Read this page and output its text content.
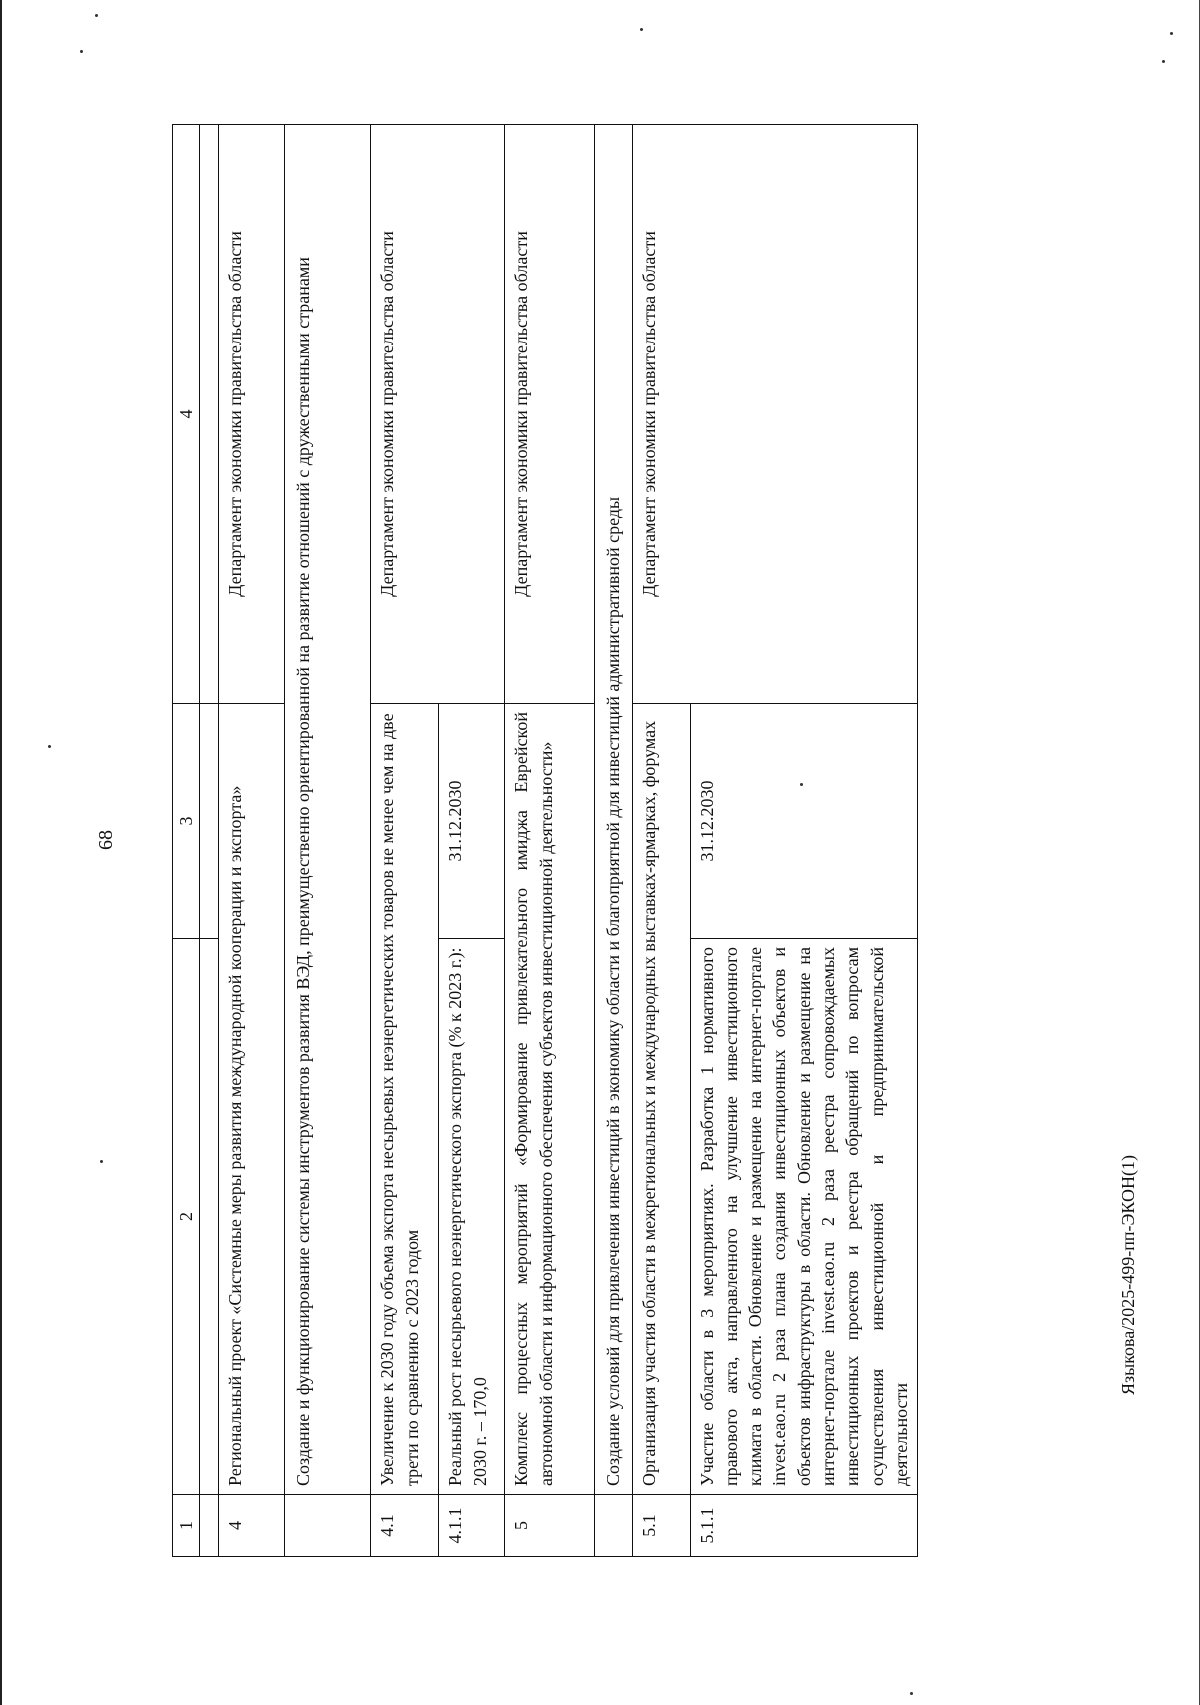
68
Языкова/2025-499-пп-ЭКОН(1)
1	2	3	4

4	Региональный проект «Системные меры развития международной кооперации и экспорта»		Департамент экономики правительства области
	Создание и функционирование системы инструментов развития ВЭД, преимущественно ориентированной на развитие отношений с дружественными странами		
4.1	Увеличение к 2030 году объема экспорта несырьевых неэнергетических товаров не менее чем на две трети по сравнению с 2023 годом		Департамент экономики правительства области
4.1.1	Реальный рост несырьевого неэнергетического экспорта (% к 2023 г.): 2030 г. – 170,0	31.12.2030	
5	Комплекс процессных мероприятий «Формирование привлекательного имиджа Еврейской автономной области и информационного обеспечения субъектов инвестиционной деятельности»		Департамент экономики правительства области
	Создание условий для привлечения инвестиций в экономику области и благоприятной для инвестиций административной среды		
5.1	Организация участия области в межрегиональных и международных выставках-ярмарках, форумах		Департамент экономики правительства области
5.1.1	Участие области в 3 мероприятиях. Разработка 1 нормативного правового акта, направленного на улучшение инвестиционного климата в области. Обновление и размещение на интернет-портале invest.eao.ru 2 раза плана создания инвестиционных объектов и объектов инфраструктуры в области. Обновление и размещение на интернет-портале invest.eao.ru 2 раза реестра сопровождаемых инвестиционных проектов и реестра обращений по вопросам осуществления инвестиционной и предпринимательской деятельности	31.12.2030	
